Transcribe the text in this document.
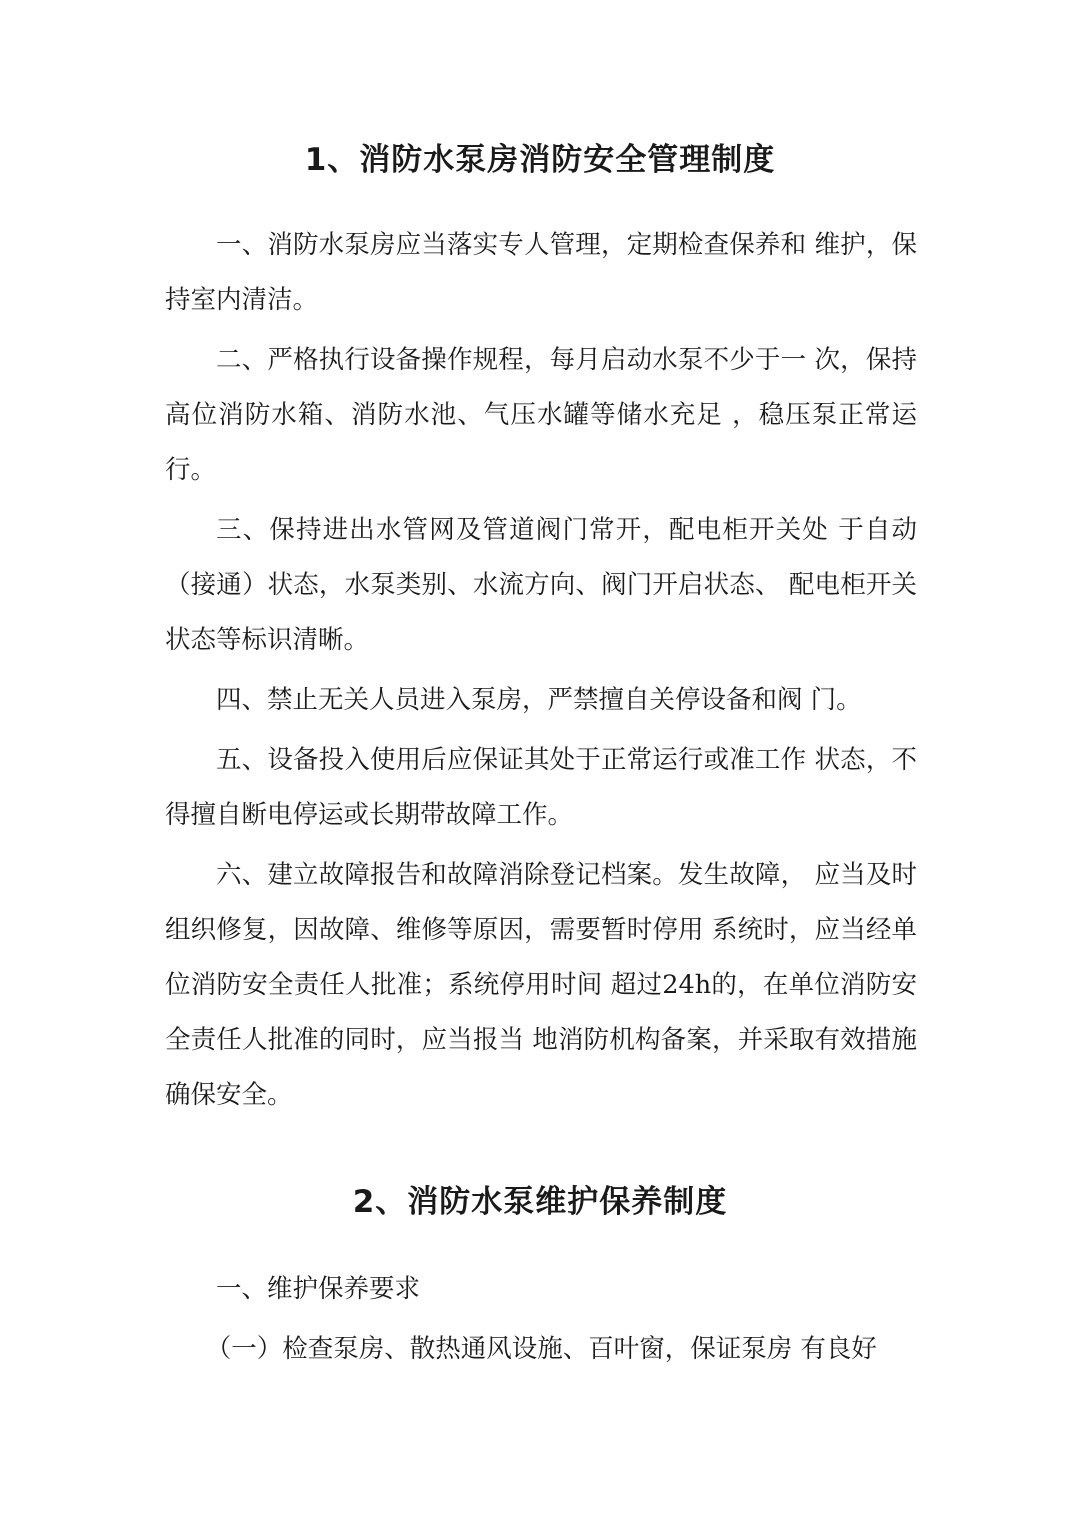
1、消防水泵房消防安全管理制度

一、消防水泵房应当落实专人管理，定期检查保养和 维护，保持室内清洁。

二、严格执行设备操作规程，每月启动水泵不少于一 次，保持高位消防水箱、消防水池、气压水罐等储水充足 ，稳压泵正常运行。

三、保持进出水管网及管道阀门常开，配电柜开关处 于自动（接通）状态，水泵类别、水流方向、阀门开启状态、 配电柜开关状态等标识清晰。

四、禁止无关人员进入泵房，严禁擅自关停设备和阀 门。

五、设备投入使用后应保证其处于正常运行或准工作 状态，不得擅自断电停运或长期带故障工作。

六、建立故障报告和故障消除登记档案。发生故障， 应当及时组织修复，因故障、维修等原因，需要暂时停用 系统时，应当经单位消防安全责任人批准；系统停用时间 超过24h的，在单位消防安全责任人批准的同时，应当报当 地消防机构备案，并采取有效措施确保安全。

2、消防水泵维护保养制度

一、维护保养要求

（一）检查泵房、散热通风设施、百叶窗，保证泵房 有良好
